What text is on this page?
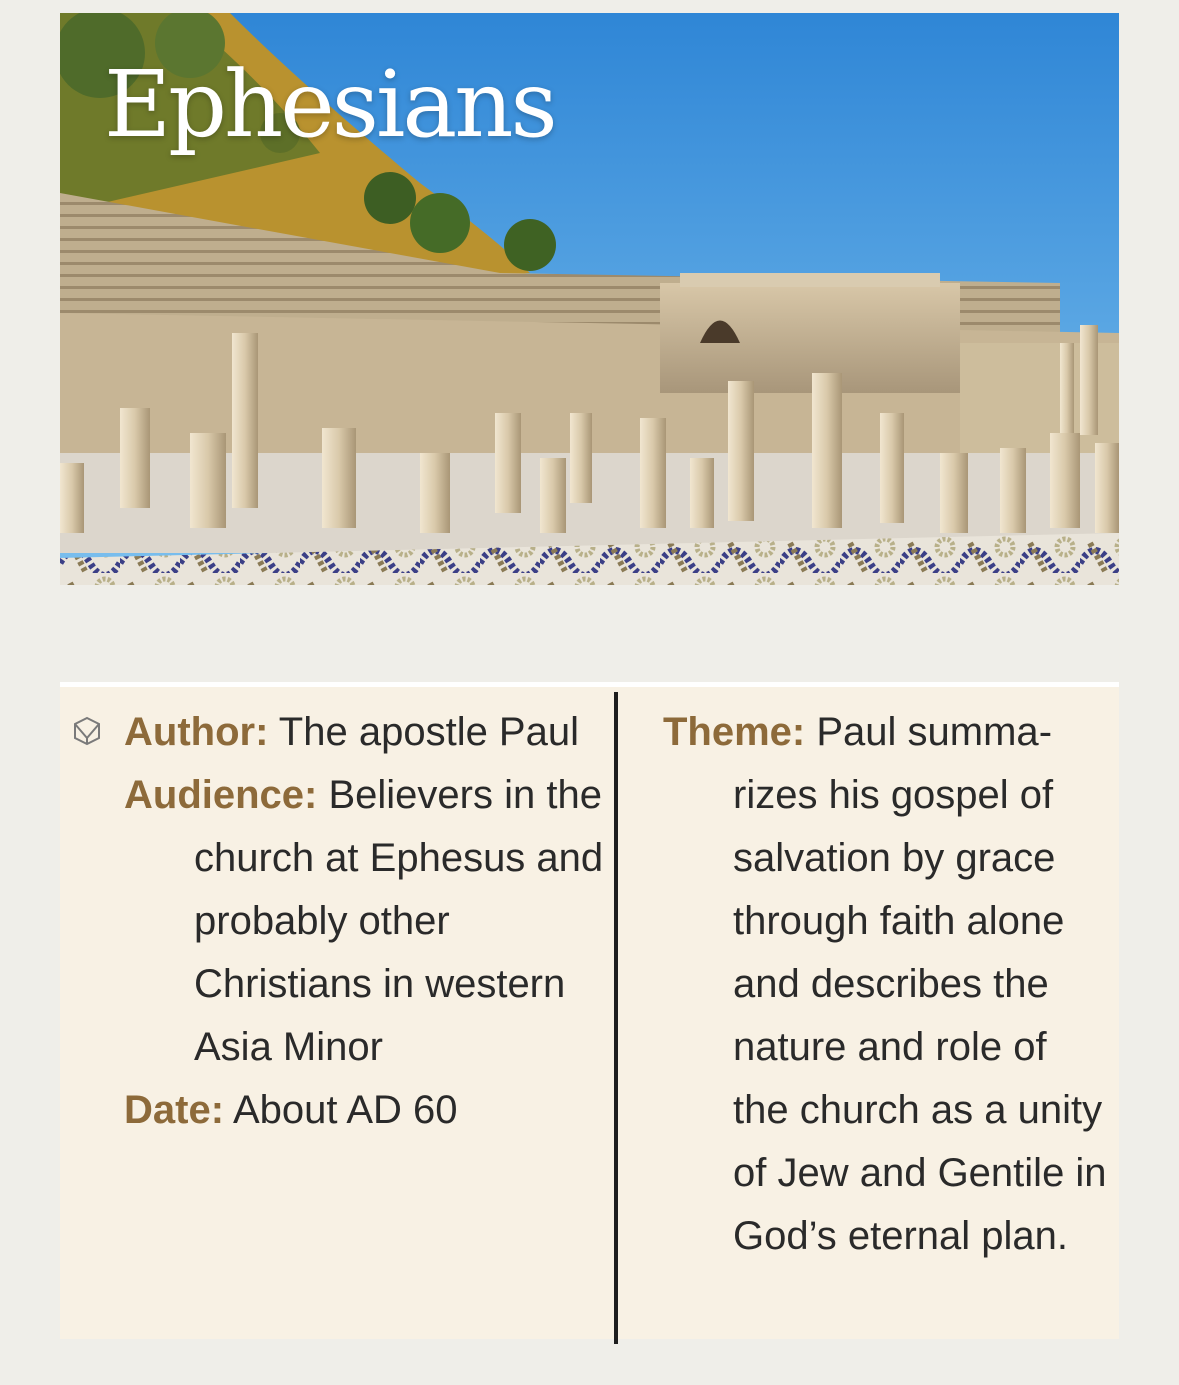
Ephesians

Author: The apostle Paul

Audience: Believers in the church at Ephesus and probably other Christians in western Asia Minor

Date: About AD 60

Theme: Paul summarizes his gospel of salvation by grace through faith alone and describes the nature and role of the church as a unity of Jew and Gentile in God’s eternal plan.
